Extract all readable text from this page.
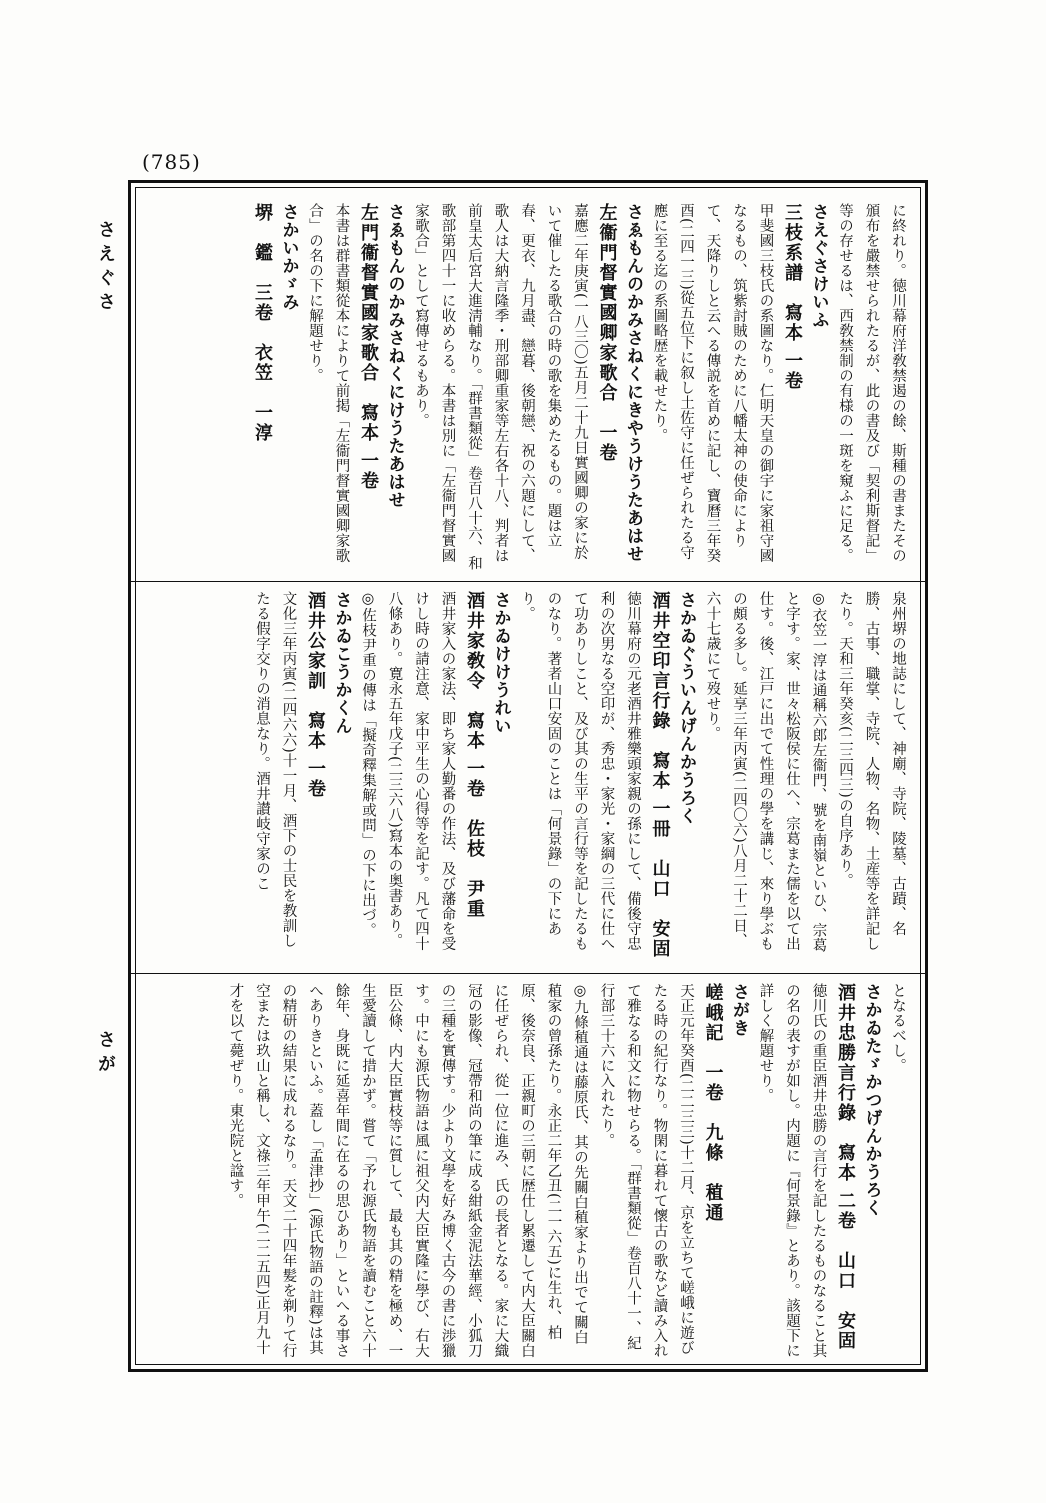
(785)
さえぐさ
さが

に終れり。徳川幕府洋敎禁遏の餘、斯種の書またその頒布を嚴禁せられたるが、此の書及び「契利斯督記」等の存せるは、西敎禁制の有様の一斑を窺ふに足る。

さえぐさけいふ

三枝系譜　寫本 一卷

甲斐國三枝氏の系圖なり。仁明天皇の御宇に家祖守國なるもの、筑紫討賊のために八幡太神の使命によりて、天降りしと云へる傳説を首めに記し、寶曆三年癸酉(二四一三)從五位下に叙し土佐守に任ぜられたる守應に至る迄の系圖略歴を載せたり。

さゑもんのかみさねくにきやうけうたあはせ

左衞門督實國卿家歌合　一卷

嘉應二年庚寅(一八三〇)五月二十九日實國卿の家に於いて催したる歌合の時の歌を集めたるもの。題は立春、更衣、九月盡、戀暮、後朝戀、祝の六題にして、歌人は大納言隆季・刑部卿重家等左右各十八、判者は前皇太后宮大進淸輔なり。「群書類從」卷百八十六、和歌部第四十一に收めらる。本書は別に「左衞門督實國家歌合」として寫傳せるもあり。

さゑもんのかみさねくにけうたあはせ

左門衞督實國家歌合　寫本 一卷

本書は群書類從本によりて前掲「左衞門督實國卿家歌合」の名の下に解題せり。

さかいかゞみ

堺　鑑　三卷　衣笠　一淳

泉州堺の地誌にして、神廟、寺院、陵墓、古蹟、名勝、古事、職掌、寺院、人物、名物、土産等を詳記したり。天和三年癸亥(二三四三)の自序あり。

◎衣笠一淳は通稱六郎左衞門、號を南嶺といひ、宗葛と字す。家、世々松阪侯に仕へ、宗葛また儒を以て出仕す。後、江戸に出でて性理の學を講じ、來り學ぶもの頗る多し。延享三年丙寅(二四〇六)八月二十二日、六十七歳にて歿せり。

さかゐぐういんげんかうろく

酒井空印言行錄　寫本 一冊　山口　安固

徳川幕府の元老酒井雅樂頭家親の孫にして、備後守忠利の次男なる空印が、秀忠・家光・家綱の三代に仕へて功ありしこと、及び其の生平の言行等を記したるものなり。著者山口安固のことは「何景錄」の下にあり。

さかゐけけうれい

酒井家敎令　寫本 一卷　佐枝　尹重

酒井家入の家法、即ち家人勤番の作法、及び藩命を受けし時の請注意、家中平生の心得等を記す。凡て四十八條あり。寛永五年戊子(二三六八)寫本の奥書あり。

◎佐枝尹重の傳は「擬奇釋集解或問」の下に出づ。

さかゐこうかくん

酒井公家訓　寫本 一卷

文化三年丙寅(二四六六)十一月、酒下の士民を教訓したる假字交りの消息なり。酒井讃岐守家のこ

となるべし。

さかゐたゞかつげんかうろく

酒井忠勝言行錄　寫本 二卷　山口　安固

徳川氏の重臣酒井忠勝の言行を記したるものなること其の名の表すが如し。内題に『何景錄』とあり。該題下に詳しく解題せり。

さがき

嵯峨記　一卷　九條　稙通

天正元年癸酉(二二三三)十二月、京を立ちて嵯峨に遊びたる時の紀行なり。物閑に暮れて懷古の歌など讀み入れて雅なる和文に物せらる。「群書類從」卷百八十一、紀行部三十六に入れたり。

◎九條稙通は藤原氏、其の先關白稙家より出でて關白稙家の曾孫たり。永正二年乙丑(二一六五)に生れ、柏原、後奈良、正親町の三朝に歴仕し累遷して内大臣關白に任ぜられ、從一位に進み、氏の長者となる。家に大織冠の影像、冠帶和尚の筆に成る紺紙金泥法華經、小狐刀の三種を實傳す。少より文學を好み博く古今の書に渉獵す。中にも源氏物語は風に祖父内大臣實隆に學び、右大臣公條、内大臣實枝等に質して、最も其の精を極め、一生愛讀して措かず。嘗て「予れ源氏物語を讀むこと六十餘年、身既に延喜年間に在るの思ひあり」といへる事さへありきといふ。蓋し「孟津抄」(源氏物語の註釋)は其の精研の結果に成れるなり。天文二十四年髪を剃りて行空または玖山と稱し、文祿三年甲午(二二五四)正月九十才を以て薨ぜり。東光院と諡す。
